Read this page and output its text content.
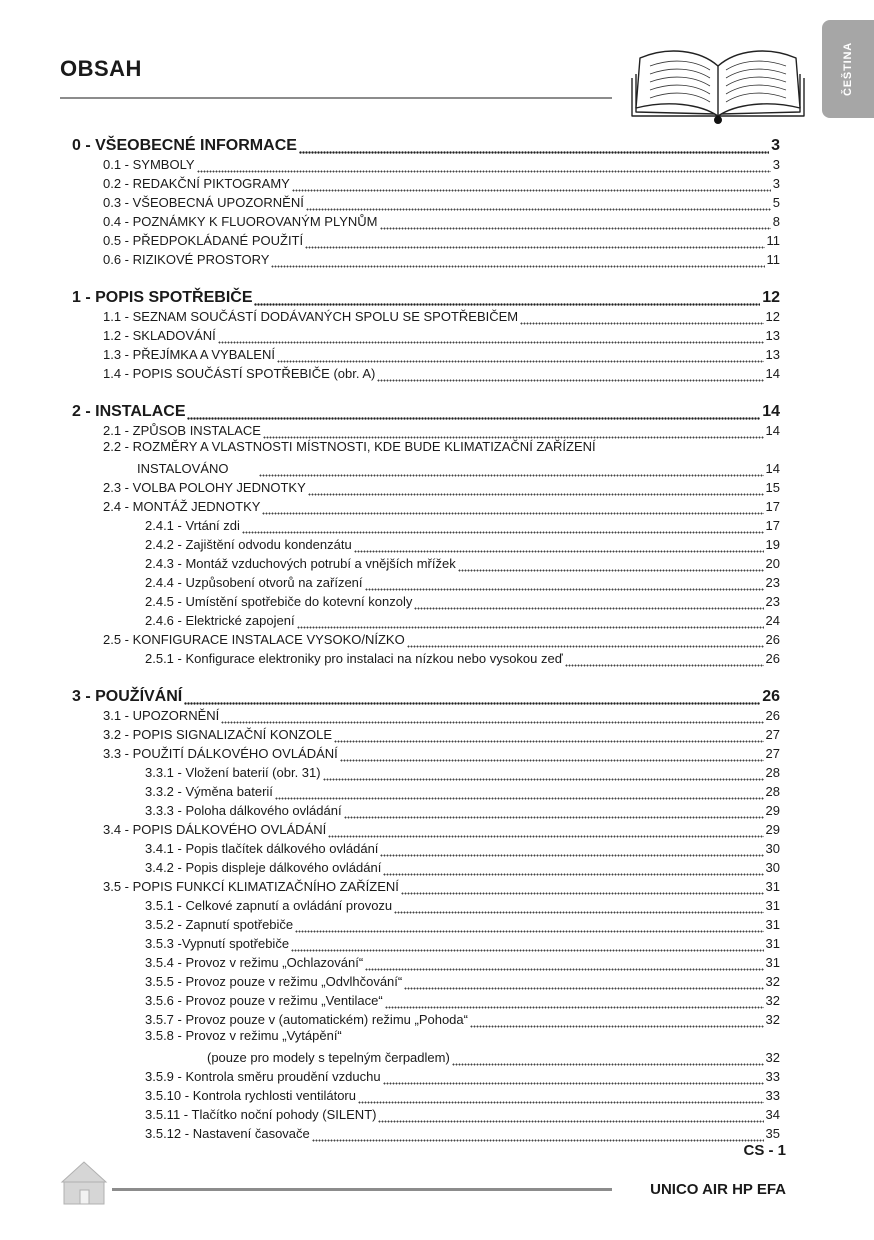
OBSAH	ČEŠTINA
0 - VŠEOBECNÉ INFORMACE	3
0.1 - SYMBOLY	3
0.2 - REDAKČNÍ PIKTOGRAMY	3
0.3 - VŠEOBECNÁ UPOZORNĚNÍ	5
0.4 - POZNÁMKY K FLUOROVANÝM PLYNŮM	8
0.5 - PŘEDPOKLÁDANÉ POUŽITÍ	11
0.6 - RIZIKOVÉ PROSTORY	11
1 - POPIS SPOTŘEBIČE	12
1.1 - SEZNAM SOUČÁSTÍ DODÁVANÝCH SPOLU SE SPOTŘEBIČEM	12
1.2 - SKLADOVÁNÍ	13
1.3 - PŘEJÍMKA A VYBALENÍ	13
1.4 - POPIS SOUČÁSTÍ SPOTŘEBIČE (obr. A)	14
2 - INSTALACE	14
2.1 - ZPŮSOB INSTALACE	14
2.2 - ROZMĚRY A VLASTNOSTI MÍSTNOSTI, KDE BUDE KLIMATIZAČNÍ ZAŘÍZENÍ
INSTALOVÁNO	14
2.3 - VOLBA POLOHY JEDNOTKY	15
2.4 - MONTÁŽ JEDNOTKY	17
2.4.1 - Vrtání zdi	17
2.4.2 - Zajištění odvodu kondenzátu	19
2.4.3 - Montáž vzduchových potrubí a vnějších mřížek	20
2.4.4 - Uzpůsobení otvorů na zařízení	23
2.4.5 - Umístění spotřebiče do kotevní konzoly	23
2.4.6 - Elektrické zapojení	24
2.5 - KONFIGURACE INSTALACE VYSOKO/NÍZKO	26
2.5.1 - Konfigurace elektroniky pro instalaci na nízkou nebo vysokou zeď	26
3 - POUŽÍVÁNÍ	26
3.1 - UPOZORNĚNÍ	26
3.2 - POPIS SIGNALIZAČNÍ KONZOLE	27
3.3 - POUŽITÍ DÁLKOVÉHO OVLÁDÁNÍ	27
3.3.1 - Vložení baterií (obr. 31)	28
3.3.2 - Výměna baterií	28
3.3.3 - Poloha dálkového ovládání	29
3.4 - POPIS DÁLKOVÉHO OVLÁDÁNÍ	29
3.4.1 - Popis tlačítek dálkového ovládání	30
3.4.2 - Popis displeje dálkového ovládání	30
3.5 - POPIS FUNKCÍ KLIMATIZAČNÍHO ZAŘÍZENÍ	31
3.5.1 - Celkové zapnutí a ovládání provozu	31
3.5.2 - Zapnutí spotřebiče	31
3.5.3 -Vypnutí spotřebiče	31
3.5.4 - Provoz v režimu „Ochlazování“	31
3.5.5 - Provoz pouze v režimu „Odvlhčování“	32
3.5.6 - Provoz pouze v režimu „Ventilace“	32
3.5.7 - Provoz pouze v (automatickém) režimu „Pohoda“	32
3.5.8 - Provoz v režimu „Vytápění“
(pouze pro modely s tepelným čerpadlem)	32
3.5.9 - Kontrola směru proudění vzduchu	33
3.5.10 - Kontrola rychlosti ventilátoru	33
3.5.11 - Tlačítko noční pohody (SILENT)	34
3.5.12 - Nastavení časovače	35
CS - 1
UNICO AIR HP EFA
